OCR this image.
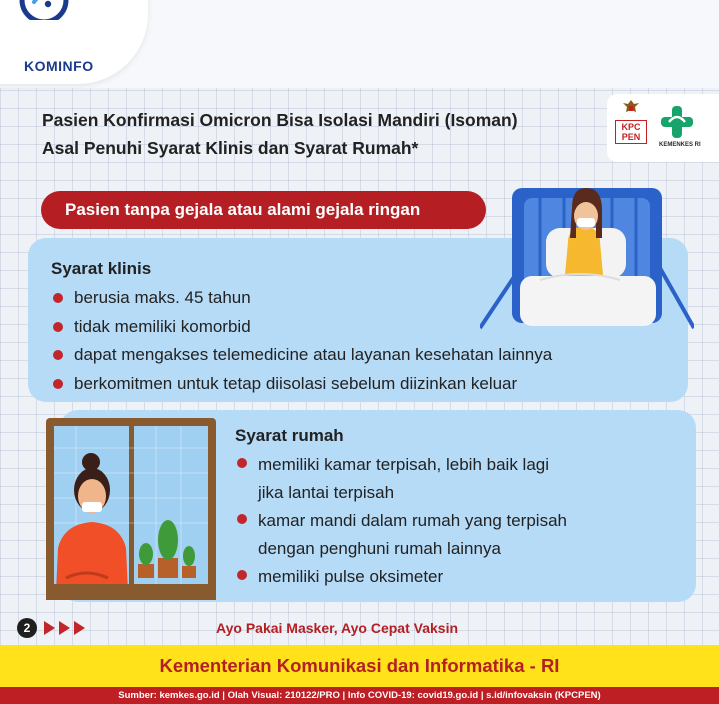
KOMINFO
Pasien Konfirmasi Omicron Bisa Isolasi Mandiri (Isoman)
Asal Penuhi Syarat Klinis dan Syarat Rumah*
KPC
PEN
KEMENKES RI
Pasien tanpa gejala atau alami gejala ringan
Syarat klinis
berusia maks. 45 tahun
tidak memiliki komorbid
dapat mengakses telemedicine atau layanan kesehatan lainnya
berkomitmen untuk tetap diisolasi sebelum diizinkan keluar
Syarat rumah
memiliki kamar terpisah, lebih baik lagi
jika lantai terpisah
kamar mandi dalam rumah yang terpisah
dengan penghuni rumah lainnya
memiliki pulse oksimeter
2	Ayo Pakai Masker, Ayo Cepat Vaksin
Kementerian Komunikasi dan Informatika - RI
Sumber: kemkes.go.id | Olah Visual: 210122/PRO | Info COVID-19: covid19.go.id | s.id/infovaksin (KPCPEN)
